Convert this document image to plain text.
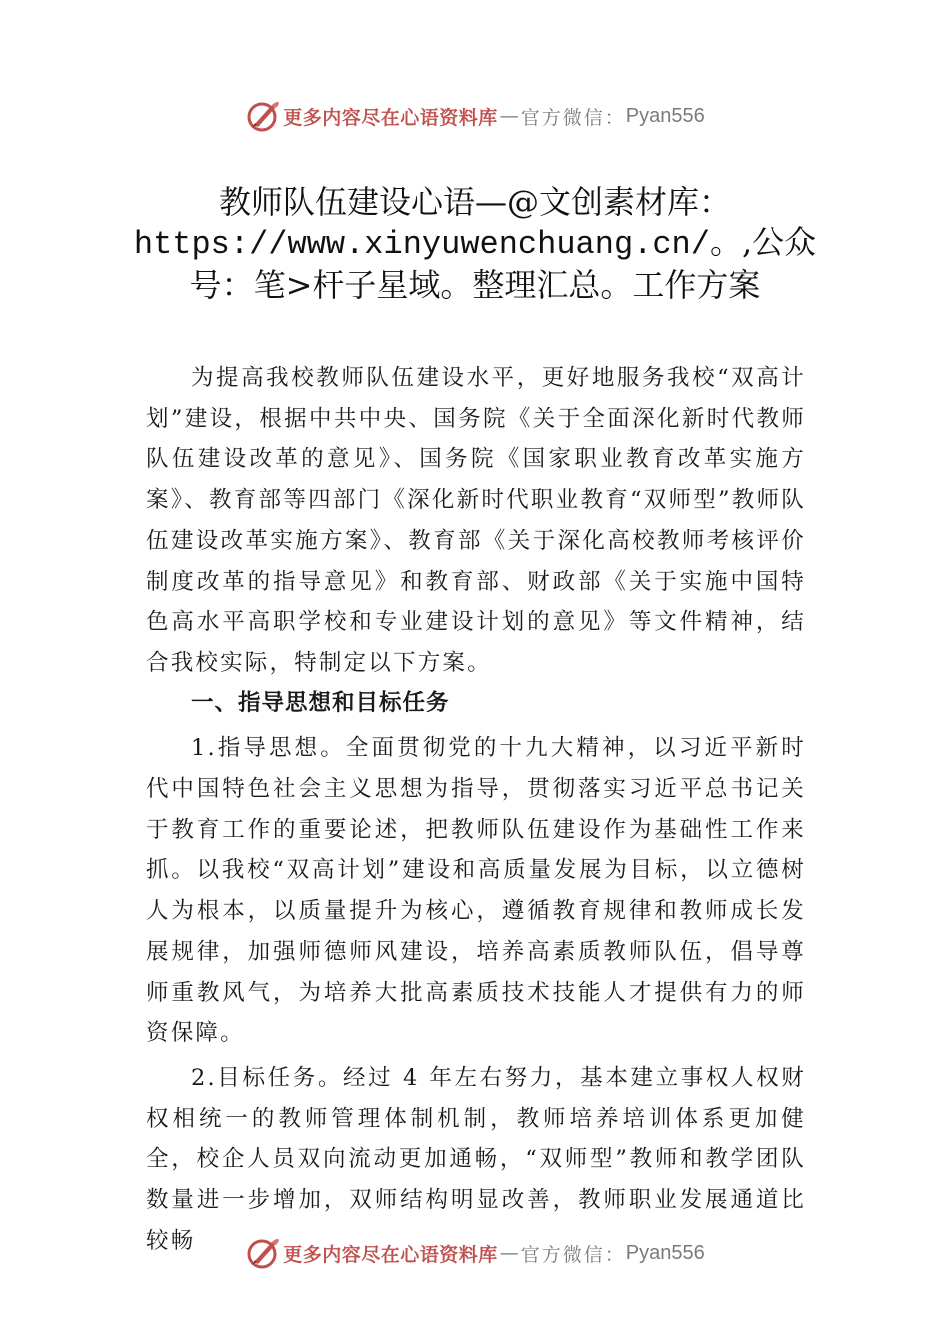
更多内容尽在心语资料库 — 官方微信： Pyan556
教师队伍建设心语—@文创素材库：
https://www.xinyuwenchuang.cn/。,公众
号：笔>杆子星域。整理汇总。工作方案

为提高我校教师队伍建设水平，更好地服务我校“双高计划”建设，根据中共中央、国务院《关于全面深化新时代教师队伍建设改革的意见》、国务院《国家职业教育改革实施方案》、教育部等四部门《深化新时代职业教育“双师型”教师队伍建设改革实施方案》、教育部《关于深化高校教师考核评价制度改革的指导意见》和教育部、财政部《关于实施中国特色高水平高职学校和专业建设计划的意见》等文件精神，结合我校实际，特制定以下方案。

一、指导思想和目标任务

1.指导思想。全面贯彻党的十九大精神，以习近平新时代中国特色社会主义思想为指导，贯彻落实习近平总书记关于教育工作的重要论述，把教师队伍建设作为基础性工作来抓。以我校“双高计划”建设和高质量发展为目标，以立德树人为根本，以质量提升为核心，遵循教育规律和教师成长发展规律，加强师德师风建设，培养高素质教师队伍，倡导尊师重教风气，为培养大批高素质技术技能人才提供有力的师资保障。

2.目标任务。经过 4 年左右努力，基本建立事权人权财权相统一的教师管理体制机制，教师培养培训体系更加健全，校企人员双向流动更加通畅，“双师型”教师和教学团队数量进一步增加，双师结构明显改善，教师职业发展通道比较畅

更多内容尽在心语资料库 — 官方微信： Pyan556
